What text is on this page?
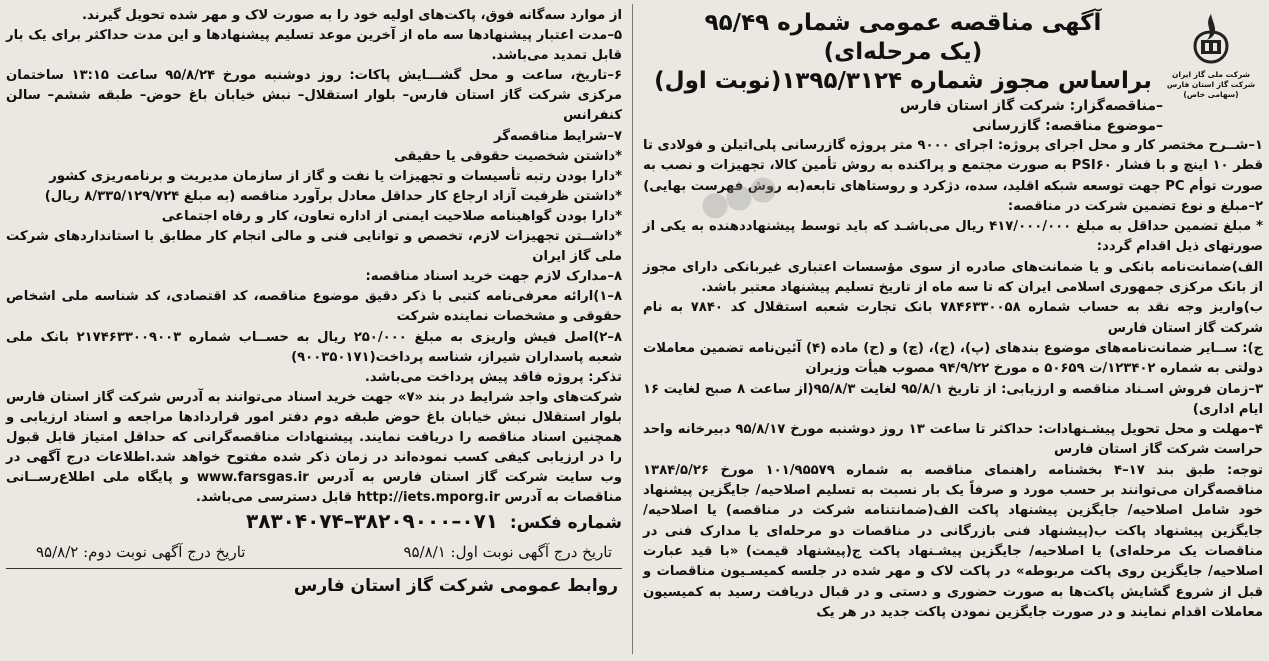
شرکت ملی گاز ایران
شرکت گاز استان فارس
(سهامی خاص)
آگهی مناقصه عمومی شماره ۹۵/۴۹
(یک مرحله‌ای)
براساس مجوز شماره ۱۳۹۵/۳۱۲۴(نوبت اول)
–مناقصه‌گزار: شرکت گاز استان فارس
–موضوع مناقصه: گازرسانی

۱–شــرح مختصر کار و محل اجرای پروژه: اجرای ۹۰۰۰ متر پروژه گازرسانی پلی‌اتیلن و فولادی تا قطر ۱۰ اینچ و با فشار PSI۶۰ به صورت مجتمع و پراکنده به روش تأمین کالا، تجهیزات و نصب به صورت توأم PC جهت توسعه شبکه اقلید، سده، دژکرد و روستاهای تابعه(به روش فهرست بهایی)

۲–مبلغ و نوع تضمین شرکت در مناقصه:

* مبلغ تضمین حداقل به مبلغ ۴۱۷/۰۰۰/۰۰۰ ریال می‌باشـد که باید توسط پیشنهاددهنده به یکی از صورتهای ذیل اقدام گردد:

الف)ضمانت‌نامه بانکی و یا ضمانت‌های صادره از سوی مؤسسات اعتباری غیربانکی دارای مجوز از بانک مرکزی جمهوری اسلامی ایران که تا سه ماه از تاریخ تسلیم پیشنهاد معتبر باشد.

ب)واریز وجه نقد به حساب شماره ۷۸۴۶۳۳۰۰۵۸ بانک تجارت شعبه استقلال کد ۷۸۴۰ به نام شرکت گاز استان فارس

ج): ســایر ضمانت‌نامه‌های موضوع بندهای (پ)، (ج)، (چ) و (ح) ماده (۴) آئین‌نامه تضمین معاملات دولتی به شماره ۱۲۳۴۰۲/ت ۵۰۶۵۹ ه مورخ ۹۴/۹/۲۲ مصوب هیأت وزیران

۳–زمان فروش اسـناد مناقصه و ارزیابی: از تاریخ ۹۵/۸/۱ لغایت ۹۵/۸/۳(از ساعت ۸ صبح لغایت ۱۶ ایام اداری)

۴–مهلت و محل تحویل پیشـنهادات: حداکثر تا ساعت ۱۳ روز دوشنبه مورخ ۹۵/۸/۱۷ دبیرخانه واحد حراست شرکت گاز استان فارس

توجه: طبق بند ۱۷–۴ بخشنامه راهنمای مناقصه به شماره ۱۰۱/۹۵۵۷۹ مورخ ۱۳۸۴/۵/۲۶ مناقصه‌گران می‌توانند بر حسب مورد و صرفاً یک بار نسبت به تسلیم اصلاحیه/ جایگزین پیشنهاد خود شامل اصلاحیه/ جایگزین پیشنهاد پاکت الف(ضمانتنامه شرکت در مناقصه) یا اصلاحیه/ جایگزین پیشنهاد پاکت ب(پیشنهاد فنی بازرگانی در مناقصات دو مرحله‌ای یا مدارک فنی در مناقصات یک مرحله‌ای) یا اصلاحیه/ جایگزین پیشـنهاد پاکت ج(پیشنهاد قیمت) «با قید عبارت اصلاحیه/ جایگزین روی پاکت مربوطه» در پاکت لاک و مهر شده در جلسه کمیسـیون مناقصات و قبل از شروع گشایش پاکت‌ها به صورت حضوری و دستی و در قبال دریافت رسید به کمیسیون معاملات اقدام نمایند و در صورت جایگزین نمودن پاکت جدید در هر یک

از موارد سه‌گانه فوق، پاکت‌های اولیه خود را به صورت لاک و مهر شده تحویل گیرند.

۵–مدت اعتبار پیشنهادها سه ماه از آخرین موعد تسلیم پیشنهادها و این مدت حداکثر برای یک بار قابل تمدید می‌باشد.

۶–تاریخ، ساعت و محل گشـــایش پاکات: روز دوشنبه مورخ ۹۵/۸/۲۴ ساعت ۱۳:۱۵ ساختمان مرکزی شرکت گاز استان فارس– بلوار استقلال– نبش خیابان باغ حوض– طبقه ششم– سالن کنفرانس

۷–شرایط مناقصه‌گر

*داشتن شخصیت حقوقی یا حقیقی

*دارا بودن رتبه تأسیسات و تجهیزات یا نفت و گاز از سازمان مدیریت و برنامه‌ریزی کشور

*داشتن ظرفیت آزاد ارجاع کار حداقل معادل برآورد مناقصه (به مبلغ ۸/۳۳۵/۱۲۹/۷۲۴ ریال)

*دارا بودن گواهینامه صلاحیت ایمنی از اداره تعاون، کار و رفاه اجتماعی

*داشــتن تجهیزات لازم، تخصص و توانایی فنی و مالی انجام کار مطابق با استانداردهای شرکت ملی گاز ایران

۸–مدارک لازم جهت خرید اسناد مناقصه:

۸–۱)ارائه معرفی‌نامه کتبی با ذکر دقیق موضوع مناقصه، کد اقتصادی، کد شناسه ملی اشخاص حقوقی و مشخصات نماینده شرکت

۸–۲)اصل فیش واریزی به مبلغ ۲۵۰/۰۰۰ ریال به حســاب شماره ۲۱۷۴۶۳۳۰۰۹۰۰۳ بانک ملی شعبه پاسداران شیراز، شناسه پرداخت(۹۰۰۳۵۰۱۷۱)

تذکر: پروژه فاقد پیش پرداخت می‌باشد.

شرکت‌های واجد شرایط در بند «۷» جهت خرید اسناد می‌توانند به آدرس شرکت گاز استان فارس بلوار استقلال نبش خیابان باغ حوض طبقه دوم دفتر امور قراردادها مراجعه و اسناد ارزیابی و همچنین اسناد مناقصه را دریافت نمایند. پیشنهادات مناقصه‌گرانی که حداقل امتیاز قابل قبول را در ارزیابی کیفی کسب نموده‌اند در زمان ذکر شده مفتوح خواهد شد.اطلاعات درج آگهی در وب سایت شرکت گاز استان فارس به آدرس www.farsgas.ir و پایگاه ملی اطلاع‌رســانی مناقصات به آدرس http://iets.mporg.ir قابل دسترسی می‌باشد.

شماره فکس: ۰۷۱–۳۸۲۰۹۰۰۰–۳۸۳۰۴۰۷۴
تاریخ درج آگهی نوبت اول: ۹۵/۸/۱
تاریخ درج آگهی نوبت دوم: ۹۵/۸/۲
روابط عمومی شرکت گاز استان فارس
●●●
